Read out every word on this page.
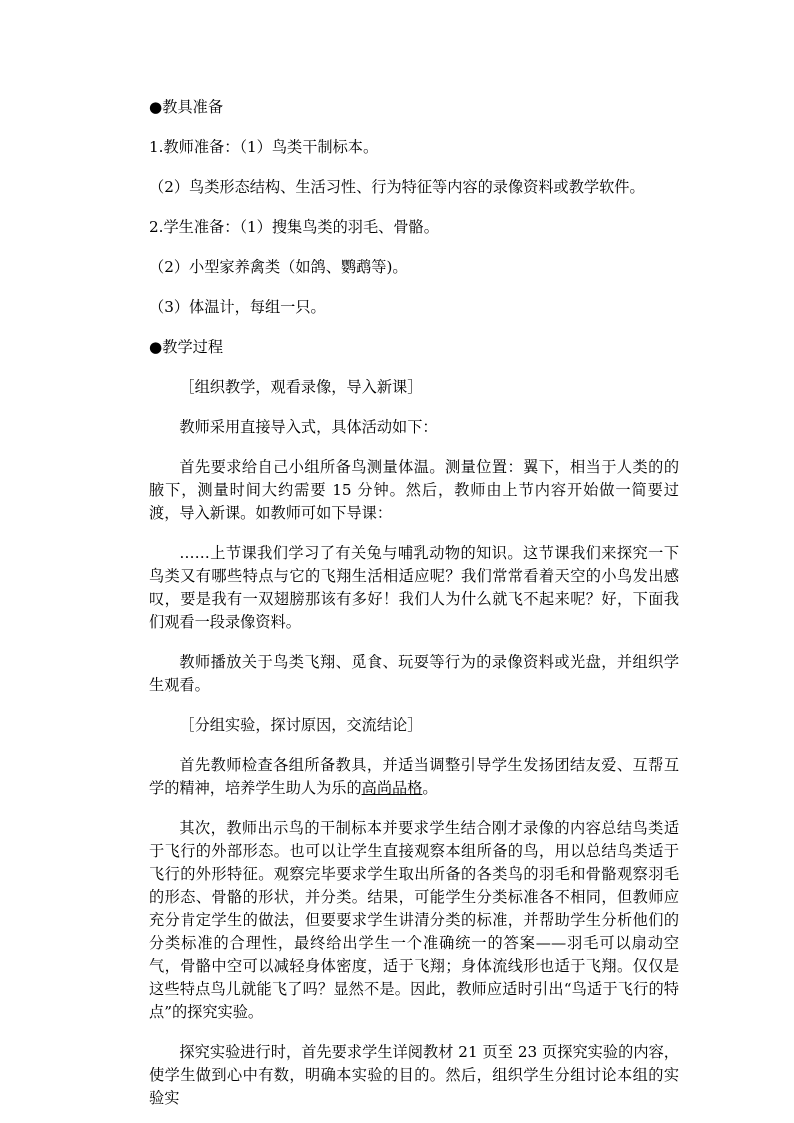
●教具准备

1.教师准备：（1）鸟类干制标本。

（2）鸟类形态结构、生活习性、行为特征等内容的录像资料或教学软件。

2.学生准备：（1）搜集鸟类的羽毛、骨骼。

（2）小型家养禽类（如鸽、鹦鹉等)。

（3）体温计，每组一只。

●教学过程

［组织教学，观看录像，导入新课］

教师采用直接导入式，具体活动如下：

首先要求给自己小组所备鸟测量体温。测量位置：翼下，相当于人类的的腋下，测量时间大约需要 15 分钟。然后，教师由上节内容开始做一简要过渡，导入新课。如教师可如下导课：

……上节课我们学习了有关兔与哺乳动物的知识。这节课我们来探究一下鸟类又有哪些特点与它的飞翔生活相适应呢？我们常常看着天空的小鸟发出感叹，要是我有一双翅膀那该有多好！我们人为什么就飞不起来呢？好，下面我们观看一段录像资料。

教师播放关于鸟类飞翔、觅食、玩耍等行为的录像资料或光盘，并组织学生观看。

［分组实验，探讨原因，交流结论］

首先教师检查各组所备教具，并适当调整引导学生发扬团结友爱、互帮互学的精神，培养学生助人为乐的高尚品格。

其次，教师出示鸟的干制标本并要求学生结合刚才录像的内容总结鸟类适于飞行的外部形态。也可以让学生直接观察本组所备的鸟，用以总结鸟类适于飞行的外形特征。观察完毕要求学生取出所备的各类鸟的羽毛和骨骼观察羽毛的形态、骨骼的形状，并分类。结果，可能学生分类标准各不相同，但教师应充分肯定学生的做法，但要要求学生讲清分类的标准，并帮助学生分析他们的分类标准的合理性，最终给出学生一个准确统一的答案——羽毛可以扇动空气，骨骼中空可以减轻身体密度，适于飞翔；身体流线形也适于飞翔。仅仅是这些特点鸟儿就能飞了吗？显然不是。因此，教师应适时引出“鸟适于飞行的特点”的探究实验。

探究实验进行时，首先要求学生详阅教材 21 页至 23 页探究实验的内容，使学生做到心中有数，明确本实验的目的。然后，组织学生分组讨论本组的实验实
